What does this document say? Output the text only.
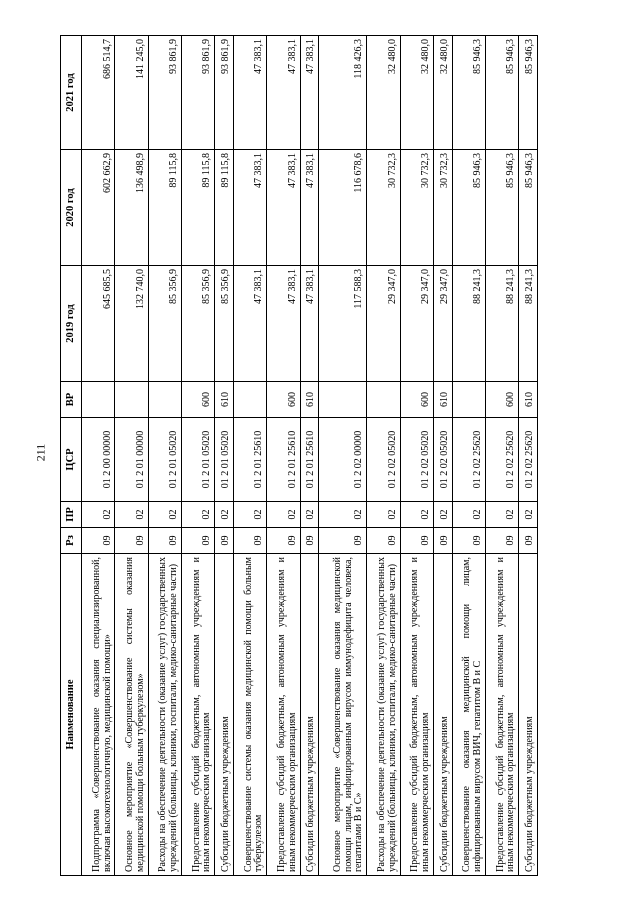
211
Наименование	Рз	ПР	ЦСР	ВР	2019 год	2020 год	2021 год
Подпрограмма «Совершенствование оказания специализированной, включая высокотехнологичную, медицинской помощи»	09	02	01 2 00 00000		645 685,5	602 662,9	686 514,7
Основное мероприятие «Совершенствование системы оказания медицинской помощи больным туберкулезом»	09	02	01 2 01 00000		132 740,0	136 498,9	141 245,0
Расходы на обеспечение деятельности (оказание услуг) государственных учреждений (больницы, клиники, госпитали, медико-санитарные части)	09	02	01 2 01 05020		85 356,9	89 115,8	93 861,9
Предоставление субсидий бюджетным, автономным учреждениям и иным некоммерческим организациям	09	02	01 2 01 05020	600	85 356,9	89 115,8	93 861,9
Субсидии бюджетным учреждениям	09	02	01 2 01 05020	610	85 356,9	89 115,8	93 861,9
Совершенствование системы оказания медицинской помощи больным туберкулезом	09	02	01 2 01 25610		47 383,1	47 383,1	47 383,1
Предоставление субсидий бюджетным, автономным учреждениям и иным некоммерческим организациям	09	02	01 2 01 25610	600	47 383,1	47 383,1	47 383,1
Субсидии бюджетным учреждениям	09	02	01 2 01 25610	610	47 383,1	47 383,1	47 383,1
Основное мероприятие «Совершенствование оказания медицинской помощи лицам, инфицированным вирусом иммунодефицита человека, гепатитами В и С»	09	02	01 2 02 00000		117 588,3	116 678,6	118 426,3
Расходы на обеспечение деятельности (оказание услуг) государственных учреждений (больницы, клиники, госпитали, медико-санитарные части)	09	02	01 2 02 05020		29 347,0	30 732,3	32 480,0
Предоставление субсидий бюджетным, автономным учреждениям и иным некоммерческим организациям	09	02	01 2 02 05020	600	29 347,0	30 732,3	32 480,0
Субсидии бюджетным учреждениям	09	02	01 2 02 05020	610	29 347,0	30 732,3	32 480,0
Совершенствование оказания медицинской помощи лицам, инфицированным вирусом ВИЧ, гепатитом В и С	09	02	01 2 02 25620		88 241,3	85 946,3	85 946,3
Предоставление субсидий бюджетным, автономным учреждениям и иным некоммерческим организациям	09	02	01 2 02 25620	600	88 241,3	85 946,3	85 946,3
Субсидии бюджетным учреждениям	09	02	01 2 02 25620	610	88 241,3	85 946,3	85 946,3
